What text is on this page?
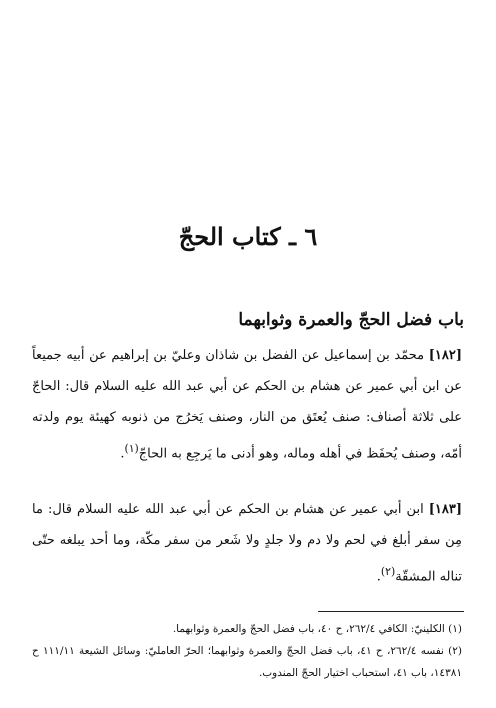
٦ ـ كتاب الحجّ
باب فضل الحجّ والعمرة وثوابهما
[١٨٢] محمّد بن إسماعيل عن الفضل بن شاذان وعليّ بن إبراهيم عن أبيه جميعاً عن ابن أبي عمير عن هشام بن الحكم عن أبي عبد الله عليه السلام قال: الحاجّ على ثلاثة أصناف: صنف يُعتَق من النار، وصنف يَخرُج من ذنوبه كهيئة يوم ولدته أمّه، وصنف يُحفَظ في أهله وماله، وهو أدنى ما يَرجِع به الحاجّ$^{(١)}$.
[١٨٣] ابن أبي عمير عن هشام بن الحكم عن أبي عبد الله عليه السلام قال: ما مِن سفر أبلغ في لحم ولا دم ولا جلدٍ ولا شَعر من سفر مكّة، وما أحد يبلغه حتّى تناله المشقّة$^{(٢)}$.
(١) الكلينيّ: الكافي ٢٦٢/٤، ح ٤٠، باب فضل الحجّ والعمرة وثوابهما.
(٢) نفسه ٢٦٢/٤، ح ٤١، باب فضل الحجّ والعمرة وثوابهما؛ الحرّ العامليّ: وسائل الشيعة ١١١/١١ ح ١٤٣٨١، باب ٤١، استحباب اختيار الحجّ المندوب.
